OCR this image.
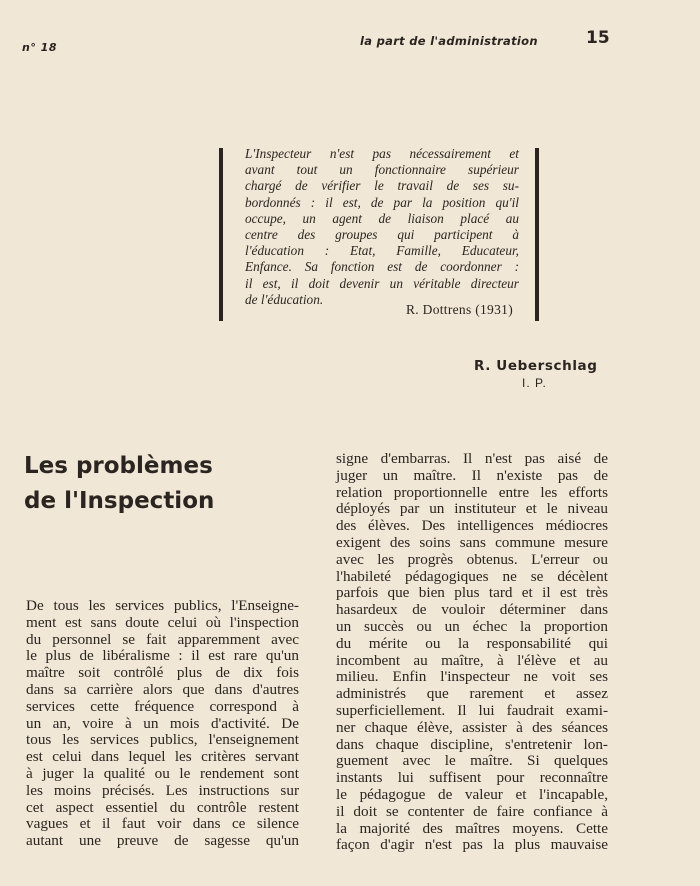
n° 18	la part de l'administration	15

L'Inspecteur n'est pas nécessairement et
avant tout un fonctionnaire supérieur
chargé de vérifier le travail de ses su-
bordonnés : il est, de par la position qu'il
occupe, un agent de liaison placé au
centre des groupes qui participent à
l'éducation : Etat, Famille, Educateur,
Enfance. Sa fonction est de coordonner :
il est, il doit devenir un véritable directeur
de l'éducation.

R. Dottrens (1931)
R. Ueberschlag
I. P.
Les problèmes
de l'Inspection

De tous les services publics, l'Enseigne-
ment est sans doute celui où l'inspection
du personnel se fait apparemment avec
le plus de libéralisme : il est rare qu'un
maître soit contrôlé plus de dix fois
dans sa carrière alors que dans d'autres
services cette fréquence correspond à
un an, voire à un mois d'activité. De
tous les services publics, l'enseignement
est celui dans lequel les critères servant
à juger la qualité ou le rendement sont
les moins précisés. Les instructions sur
cet aspect essentiel du contrôle restent
vagues et il faut voir dans ce silence
autant une preuve de sagesse qu'un

signe d'embarras. Il n'est pas aisé de
juger un maître. Il n'existe pas de
relation proportionnelle entre les efforts
déployés par un instituteur et le niveau
des élèves. Des intelligences médiocres
exigent des soins sans commune mesure
avec les progrès obtenus. L'erreur ou
l'habileté pédagogiques ne se décèlent
parfois que bien plus tard et il est très
hasardeux de vouloir déterminer dans
un succès ou un échec la proportion
du mérite ou la responsabilité qui
incombent au maître, à l'élève et au
milieu. Enfin l'inspecteur ne voit ses
administrés que rarement et assez
superficiellement. Il lui faudrait exami-
ner chaque élève, assister à des séances
dans chaque discipline, s'entretenir lon-
guement avec le maître. Si quelques
instants lui suffisent pour reconnaître
le pédagogue de valeur et l'incapable,
il doit se contenter de faire confiance à
la majorité des maîtres moyens. Cette
façon d'agir n'est pas la plus mauvaise
